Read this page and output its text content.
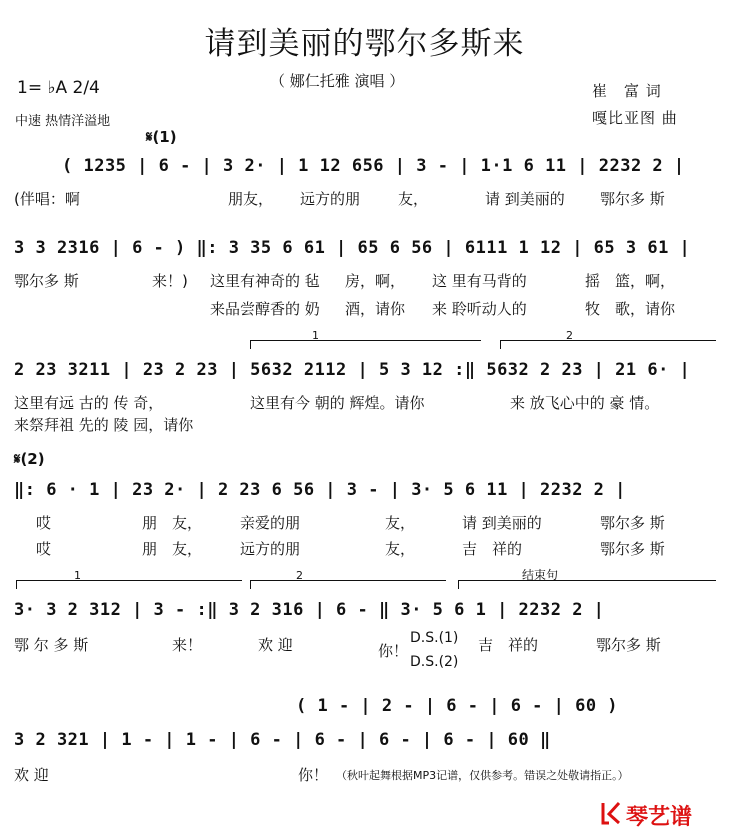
请到美丽的鄂尔多斯来
（ 娜仁托雅 演唱 ）
1= ♭A 2/4
中速 热情洋溢地
崔　富 词
嘎比亚图 曲
𝄋(1)
( 1235 | 6 - | 3 2· | 1 12 656 | 3 - | 1·1 6 11 | 2232 2 |
(伴唱：啊	朋友， 远方的朋	友，	请 到美丽的 鄂尔多 斯
3 3 2316 | 6 - ) ‖: 3 35 6 61 | 65 6 56 | 6111 1 12 | 65 3 61 |
鄂尔多 斯	来！) 这里有神奇的 毡 房，啊， 这 里有马背的	摇　篮，啊，
来品尝醇香的 奶 酒，请你 来 聆听动人的	牧　歌，请你
1	2
2 23 3211 | 23 2 23 | 5632 2112 | 5 3 12 :‖ 5632 2 23 | 21 6· |
这里有远 古的 传 奇，	这里有今 朝的 辉煌。请你	来 放飞心中的 豪 情。
来祭拜祖 先的 陵 园，请你
𝄋(2)
‖: 6 · 1 | 23 2· | 2 23 6 56 | 3 - | 3· 5 6 11 | 2232 2 |
哎	朋　友，	亲爱的朋	友，	请 到美丽的	鄂尔多 斯
哎	朋　友，	远方的朋	友，	吉　祥的	鄂尔多 斯
1	2	结束句
3· 3 2 312 | 3 - :‖ 3 2 316 | 6 - ‖ 3· 5 6 1 | 2232 2 |
鄂 尔 多 斯	来！	欢 迎	你！	吉　祥的	鄂尔多 斯
D.S.(1)
D.S.(2)
( 1 - | 2 - | 6 - | 6 - | 60 )
3 2 321 | 1 - | 1 - | 6 - | 6 - | 6 - | 6 - | 60 ‖
欢 迎	你！ （秋叶起舞根据MP3记谱，仅供参考。错误之处敬请指正。）
琴艺谱
